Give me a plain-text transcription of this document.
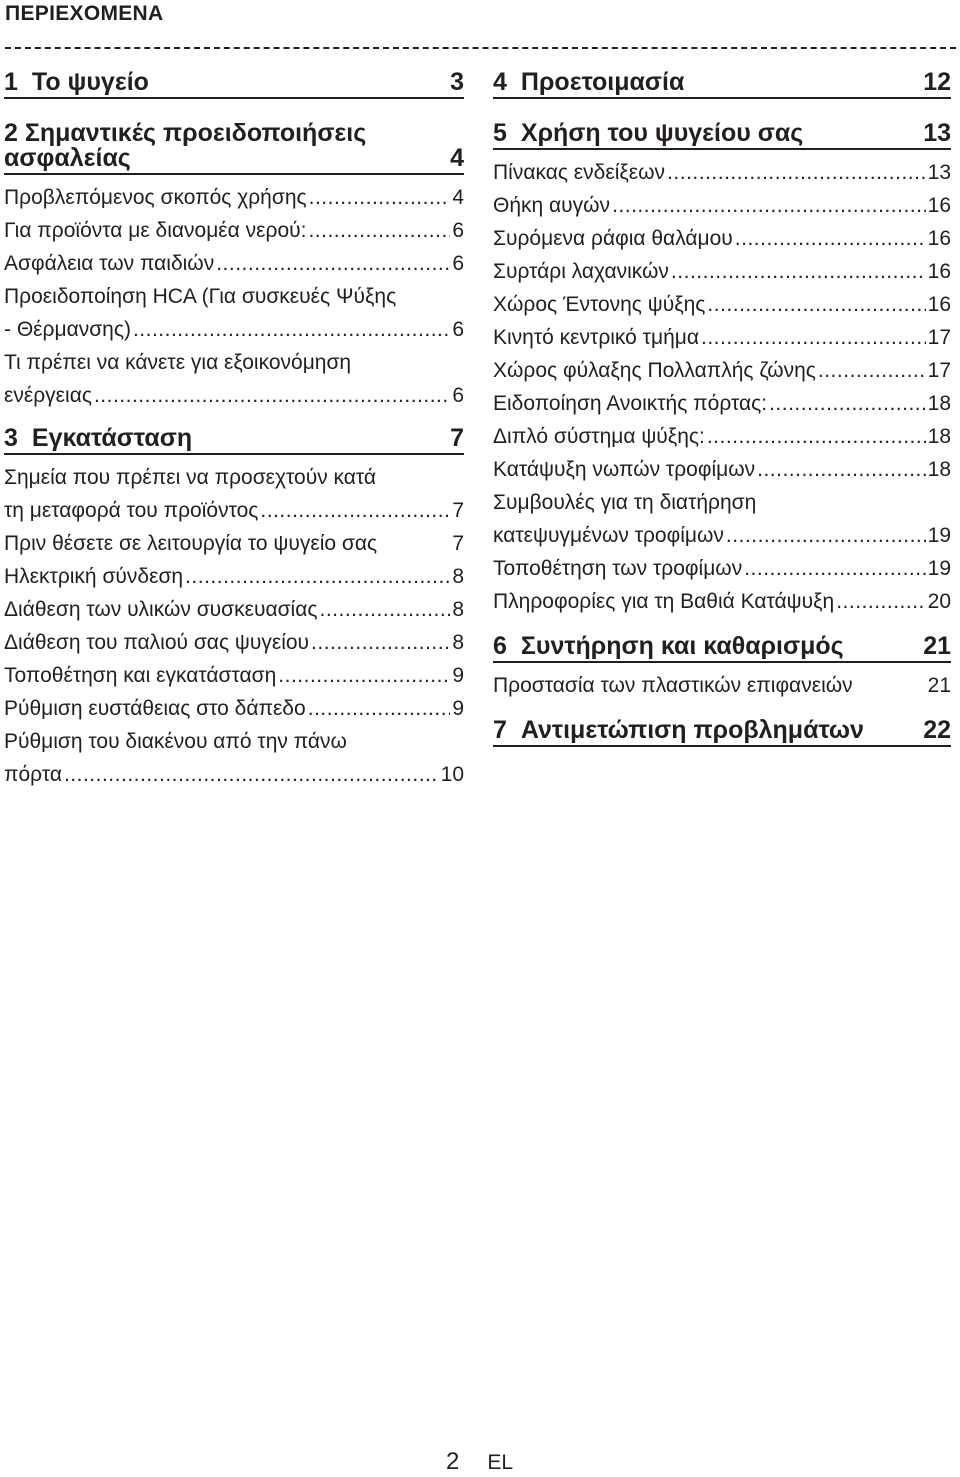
ΠΕΡΙΕΧΟΜΕΝΑ
1 Το ψυγείο	3
2 Σημαντικές προειδοποιήσεις
ασφαλείας	4
Προβλεπόμενος σκοπός χρήσης .....	4
Για προϊόντα με διανομέα νερού: .....	6
Ασφάλεια των παιδιών .....	6
Προειδοποίηση HCA (Για συσκευές Ψύξης
- Θέρμανσης) .....	6
Τι πρέπει να κάνετε για εξοικονόμηση
ενέργειας .....	6
3 Εγκατάσταση	7
Σημεία που πρέπει να προσεχτούν κατά
τη μεταφορά του προϊόντος .....	7
Πριν θέσετε σε λειτουργία το ψυγείο σας	7
Ηλεκτρική σύνδεση .....	8
Διάθεση των υλικών συσκευασίας .....	8
Διάθεση του παλιού σας ψυγείου .....	8
Τοποθέτηση και εγκατάσταση .....	9
Ρύθμιση ευστάθειας στο δάπεδο .....	9
Ρύθμιση του διακένου από την πάνω
πόρτα .....	10
4 Προετοιμασία	12
5 Χρήση του ψυγείου σας	13
Πίνακας ενδείξεων .....	13
Θήκη αυγών .....	16
Συρόμενα ράφια θαλάμου .....	16
Συρτάρι λαχανικών .....	16
Χώρος Έντονης ψύξης .....	16
Κινητό κεντρικό τμήμα .....	17
Χώρος φύλαξης Πολλαπλής ζώνης .....	17
Ειδοποίηση Ανοικτής πόρτας: .....	18
Διπλό σύστημα ψύξης: .....	18
Κατάψυξη νωπών τροφίμων .....	18
Συμβουλές για τη διατήρηση
κατεψυγμένων τροφίμων .....	19
Τοποθέτηση των τροφίμων .....	19
Πληροφορίες για τη Βαθιά Κατάψυξη .....	20
6 Συντήρηση και καθαρισμός	21
Προστασία των πλαστικών επιφανειών	21
7 Αντιμετώπιση προβλημάτων	22
2 EL
